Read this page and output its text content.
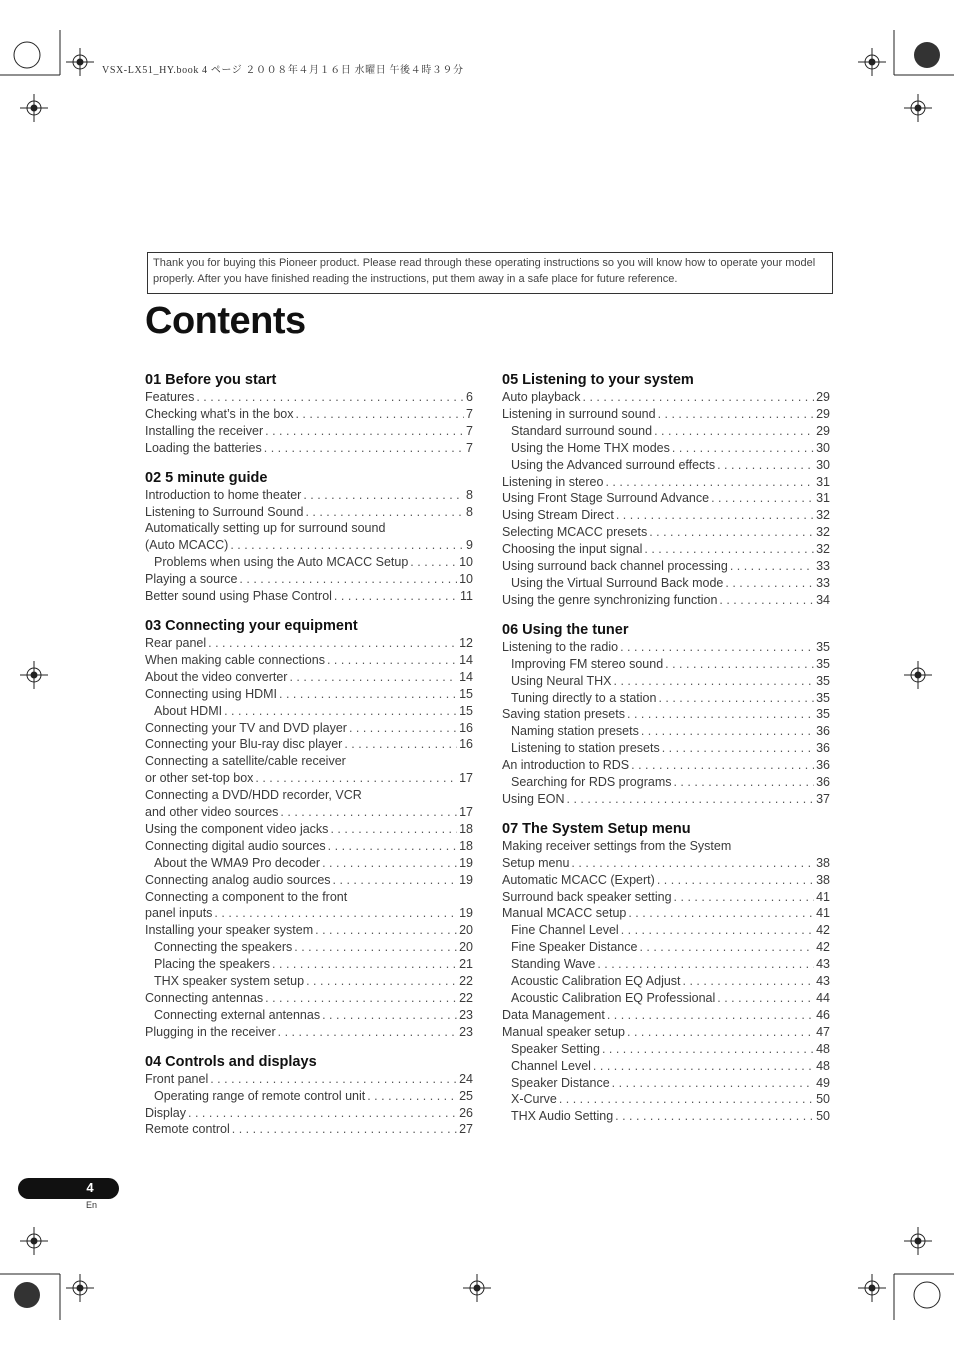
VSX-LX51_HY.book 4 ページ ２００８年４月１６日 水曜日 午後４時３９分
Thank you for buying this Pioneer product. Please read through these operating instructions so you will know how to operate your model properly. After you have finished reading the instructions, put them away in a safe place for future reference.
Contents
01 Before you start
Features . . .	6
Checking what’s in the box . . .	7
Installing the receiver . . .	7
Loading the batteries . . .	7
02 5 minute guide
Introduction to home theater . . .	8
Listening to Surround Sound . . .	8
Automatically setting up for surround sound
(Auto MCACC) . . .	9
Problems when using the Auto MCACC Setup . . .	10
Playing a source . . .	10
Better sound using Phase Control . . .	11
03 Connecting your equipment
Rear panel . . .	12
When making cable connections . . .	14
About the video converter . . .	14
Connecting using HDMI . . .	15
About HDMI . . .	15
Connecting your TV and DVD player . . .	16
Connecting your Blu-ray disc player . . .	16
Connecting a satellite/cable receiver
or other set-top box . . .	17
Connecting a DVD/HDD recorder, VCR
and other video sources . . .	17
Using the component video jacks . . .	18
Connecting digital audio sources . . .	18
About the WMA9 Pro decoder . . .	19
Connecting analog audio sources . . .	19
Connecting a component to the front
panel inputs . . .	19
Installing your speaker system . . .	20
Connecting the speakers . . .	20
Placing the speakers . . .	21
THX speaker system setup . . .	22
Connecting antennas . . .	22
Connecting external antennas . . .	23
Plugging in the receiver . . .	23
04 Controls and displays
Front panel . . .	24
Operating range of remote control unit . . .	25
Display . . .	26
Remote control . . .	27
05 Listening to your system
Auto playback . . .	29
Listening in surround sound . . .	29
Standard surround sound . . .	29
Using the Home THX modes . . .	30
Using the Advanced surround effects . . .	30
Listening in stereo . . .	31
Using Front Stage Surround Advance . . .	31
Using Stream Direct . . .	32
Selecting MCACC presets . . .	32
Choosing the input signal . . .	32
Using surround back channel processing . . .	33
Using the Virtual Surround Back mode . . .	33
Using the genre synchronizing function . . .	34
06 Using the tuner
Listening to the radio . . .	35
Improving FM stereo sound . . .	35
Using Neural THX . . .	35
Tuning directly to a station . . .	35
Saving station presets . . .	35
Naming station presets . . .	36
Listening to station presets . . .	36
An introduction to RDS . . .	36
Searching for RDS programs . . .	36
Using EON . . .	37
07 The System Setup menu
Making receiver settings from the System
Setup menu . . .	38
Automatic MCACC (Expert) . . .	38
Surround back speaker setting . . .	41
Manual MCACC setup . . .	41
Fine Channel Level . . .	42
Fine Speaker Distance . . .	42
Standing Wave . . .	43
Acoustic Calibration EQ Adjust . . .	43
Acoustic Calibration EQ Professional . . .	44
Data Management . . .	46
Manual speaker setup . . .	47
Speaker Setting . . .	48
Channel Level . . .	48
Speaker Distance . . .	49
X-Curve . . .	50
THX Audio Setting . . .	50
4
En
